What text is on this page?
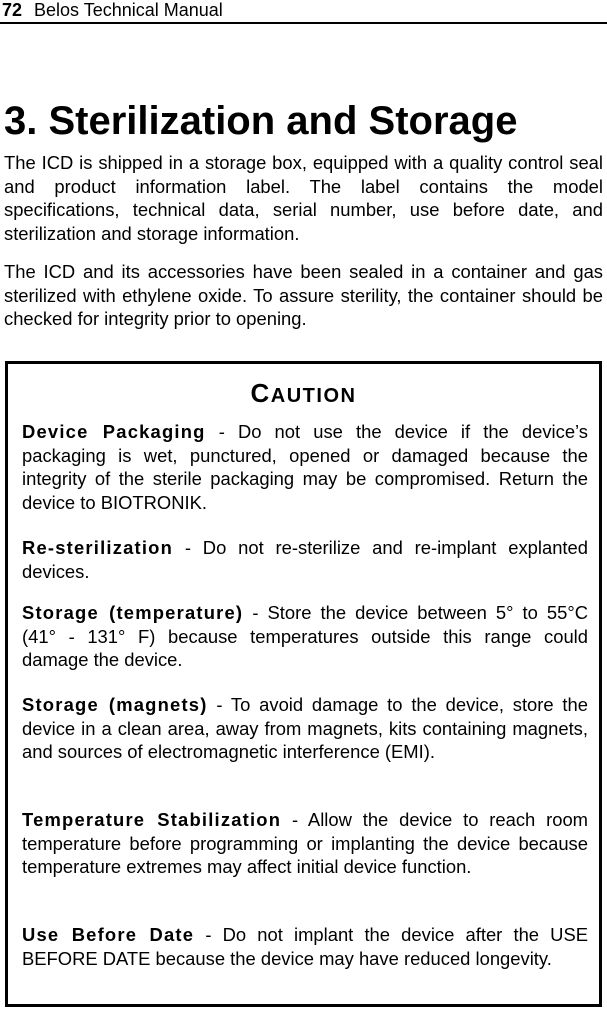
72 Belos Technical Manual
3. Sterilization and Storage

The ICD is shipped in a storage box, equipped with a quality control seal and product information label. The label contains the model specifications, technical data, serial number, use before date, and sterilization and storage information.

The ICD and its accessories have been sealed in a container and gas sterilized with ethylene oxide. To assure sterility, the container should be checked for integrity prior to opening.

CAUTION

Device Packaging - Do not use the device if the device’s packaging is wet, punctured, opened or damaged because the integrity of the sterile packaging may be compromised. Return the device to BIOTRONIK.

Re-sterilization - Do not re-sterilize and re-implant explanted devices.

Storage (temperature) - Store the device between 5° to 55°C (41° - 131° F) because temperatures outside this range could damage the device.

Storage (magnets) - To avoid damage to the device, store the device in a clean area, away from magnets, kits containing magnets, and sources of electromagnetic interference (EMI).

Temperature Stabilization - Allow the device to reach room temperature before programming or implanting the device because temperature extremes may affect initial device function.

Use Before Date - Do not implant the device after the USE BEFORE DATE because the device may have reduced longevity.
